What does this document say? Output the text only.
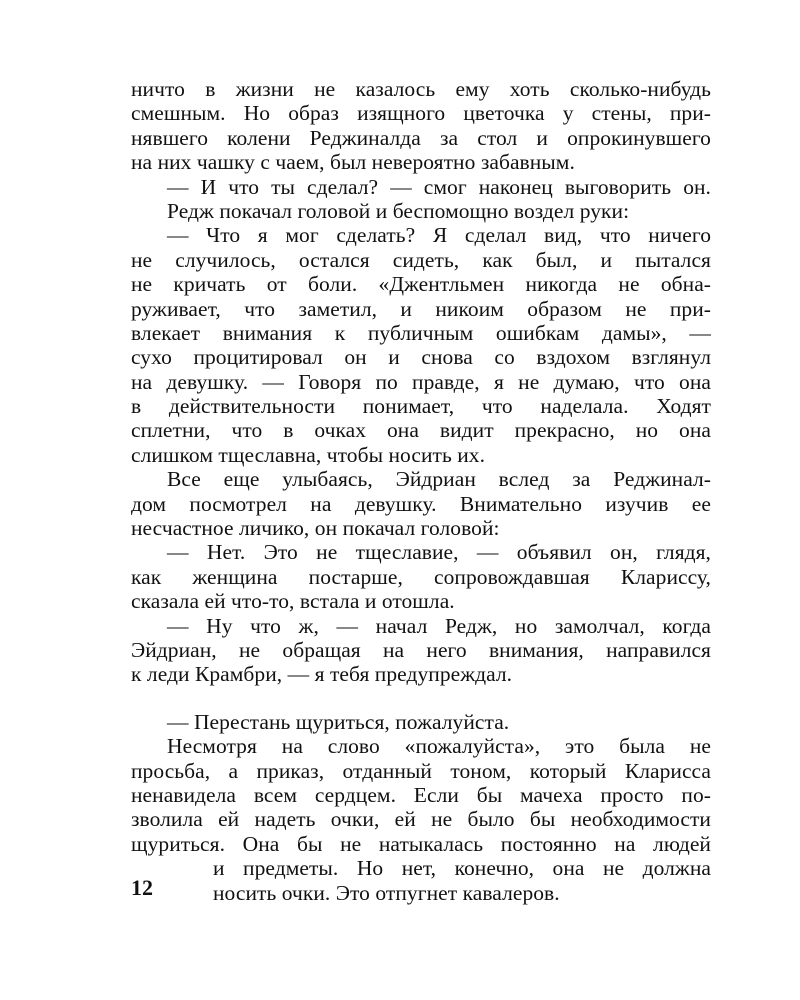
ничто в жизни не казалось ему хоть сколько-нибудь
смешным. Но образ изящного цветочка у стены, при-
нявшего колени Реджиналда за стол и опрокинувшего
на них чашку с чаем, был невероятно забавным.
— И что ты сделал? — смог наконец выговорить он.
Редж покачал головой и беспомощно воздел руки:
— Что я мог сделать? Я сделал вид, что ничего
не случилось, остался сидеть, как был, и пытался
не кричать от боли. «Джентльмен никогда не обна-
руживает, что заметил, и никоим образом не при-
влекает внимания к публичным ошибкам дамы», —
сухо процитировал он и снова со вздохом взглянул
на девушку. — Говоря по правде, я не думаю, что она
в действительности понимает, что наделала. Ходят
сплетни, что в очках она видит прекрасно, но она
слишком тщеславна, чтобы носить их.
Все еще улыбаясь, Эйдриан вслед за Реджинал-
дом посмотрел на девушку. Внимательно изучив ее
несчастное личико, он покачал головой:
— Нет. Это не тщеславие, — объявил он, глядя,
как женщина постарше, сопровождавшая Клариссу,
сказала ей что-то, встала и отошла.
— Ну что ж, — начал Редж, но замолчал, когда
Эйдриан, не обращая на него внимания, направился
к леди Крамбри, — я тебя предупреждал.
— Перестань щуриться, пожалуйста.
Несмотря на слово «пожалуйста», это была не
просьба, а приказ, отданный тоном, который Кларисса
ненавидела всем сердцем. Если бы мачеха просто по-
зволила ей надеть очки, ей не было бы необходимости
щуриться. Она бы не натыкалась постоянно на людей
и предметы. Но нет, конечно, она не должна
носить очки. Это отпугнет кавалеров.
12
